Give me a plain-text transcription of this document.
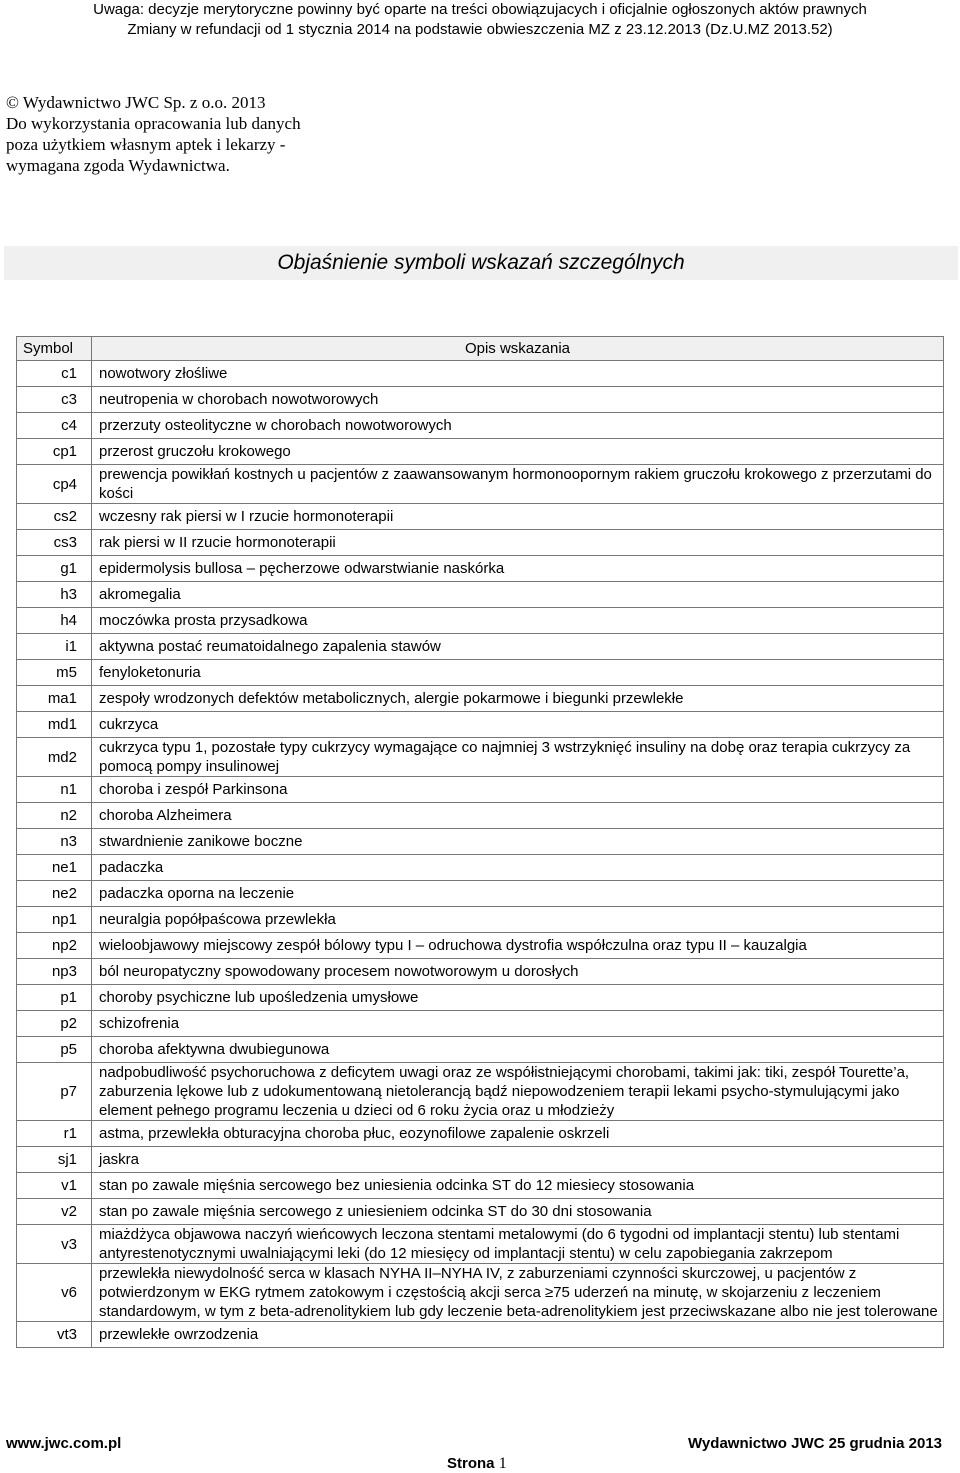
Uwaga: decyzje merytoryczne powinny być oparte na treści obowiązujacych i oficjalnie ogłoszonych aktów prawnych
Zmiany w refundacji od 1 stycznia 2014 na podstawie obwieszczenia MZ z 23.12.2013 (Dz.U.MZ 2013.52)
© Wydawnictwo JWC Sp. z o.o. 2013
Do wykorzystania opracowania lub danych
poza użytkiem własnym aptek i lekarzy -
wymagana zgoda Wydawnictwa.
Objaśnienie symboli wskazań szczególnych
Symbol	Opis wskazania
c1	nowotwory złośliwe
c3	neutropenia w chorobach nowotworowych
c4	przerzuty osteolityczne w chorobach nowotworowych
cp1	przerost gruczołu krokowego
cp4	prewencja powikłań kostnych u pacjentów z zaawansowanym hormonoopornym rakiem gruczołu krokowego z przerzutami do kości
cs2	wczesny rak piersi w I rzucie hormonoterapii
cs3	rak piersi w II rzucie hormonoterapii
g1	epidermolysis bullosa – pęcherzowe odwarstwianie naskórka
h3	akromegalia
h4	moczówka prosta przysadkowa
i1	aktywna postać reumatoidalnego zapalenia stawów
m5	fenyloketonuria
ma1	zespoły wrodzonych defektów metabolicznych, alergie pokarmowe i biegunki przewlekłe
md1	cukrzyca
md2	cukrzyca typu 1, pozostałe typy cukrzycy wymagające co najmniej 3 wstrzyknięć insuliny na dobę oraz terapia cukrzycy za pomocą pompy insulinowej
n1	choroba i zespół Parkinsona
n2	choroba Alzheimera
n3	stwardnienie zanikowe boczne
ne1	padaczka
ne2	padaczka oporna na leczenie
np1	neuralgia popółpaścowa przewlekła
np2	wieloobjawowy miejscowy zespół bólowy typu I – odruchowa dystrofia współczulna oraz typu II – kauzalgia
np3	ból neuropatyczny spowodowany procesem nowotworowym u dorosłych
p1	choroby psychiczne lub upośledzenia umysłowe
p2	schizofrenia
p5	choroba afektywna dwubiegunowa
p7	nadpobudliwość psychoruchowa z deficytem uwagi oraz ze współistniejącymi chorobami, takimi jak: tiki, zespół Tourette’a, zaburzenia lękowe lub z udokumentowaną nietolerancją bądź niepowodzeniem terapii lekami psycho-stymulującymi jako element pełnego programu leczenia u dzieci od 6 roku życia oraz u młodzieży
r1	astma, przewlekła obturacyjna choroba płuc, eozynofilowe zapalenie oskrzeli
sj1	jaskra
v1	stan po zawale mięśnia sercowego bez uniesienia odcinka ST do 12 miesiecy stosowania
v2	stan po zawale mięśnia sercowego z uniesieniem odcinka ST do 30 dni stosowania
v3	miażdżyca objawowa naczyń wieńcowych leczona stentami metalowymi (do 6 tygodni od implantacji stentu) lub stentami antyrestenotycznymi uwalniającymi leki (do 12 miesięcy od implantacji stentu) w celu zapobiegania zakrzepom
v6	przewlekła niewydolność serca w klasach NYHA II–NYHA IV, z zaburzeniami czynności skurczowej, u pacjentów z potwierdzonym w EKG rytmem zatokowym i częstością akcji serca ≥75 uderzeń na minutę, w skojarzeniu z leczeniem standardowym, w tym z beta-adrenolitykiem lub gdy leczenie beta-adrenolitykiem jest przeciwskazane albo nie jest tolerowane
vt3	przewlekłe owrzodzenia
www.jwc.com.pl	Wydawnictwo JWC 25 grudnia 2013
Strona 1
